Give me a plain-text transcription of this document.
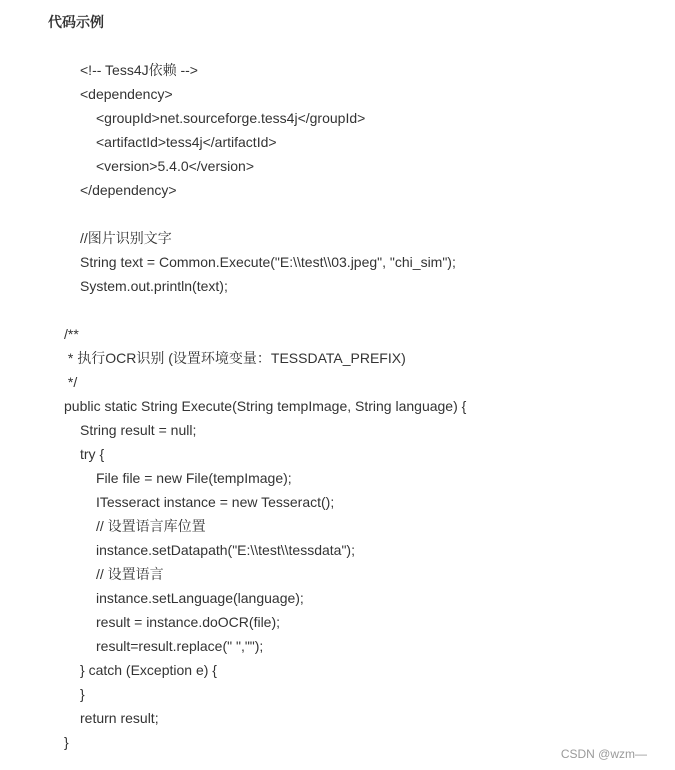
代码示例
<!-- Tess4J依赖 -->
<dependency>
<groupId>net.sourceforge.tess4j</groupId>
<artifactId>tess4j</artifactId>
<version>5.4.0</version>
</dependency>
//图片识别文字
String text = Common.Execute("E:\\test\\03.jpeg", "chi_sim");
System.out.println(text);
/**
* 执行OCR识别 (设置环境变量：TESSDATA_PREFIX)
*/
public static String Execute(String tempImage, String language) {
String result = null;
try {
File file = new File(tempImage);
ITesseract instance = new Tesseract();
// 设置语言库位置
instance.setDatapath("E:\\test\\tessdata");
// 设置语言
instance.setLanguage(language);
result = instance.doOCR(file);
result=result.replace(" ","");
} catch (Exception e) {
}
return result;
}
CSDN @wzm—
